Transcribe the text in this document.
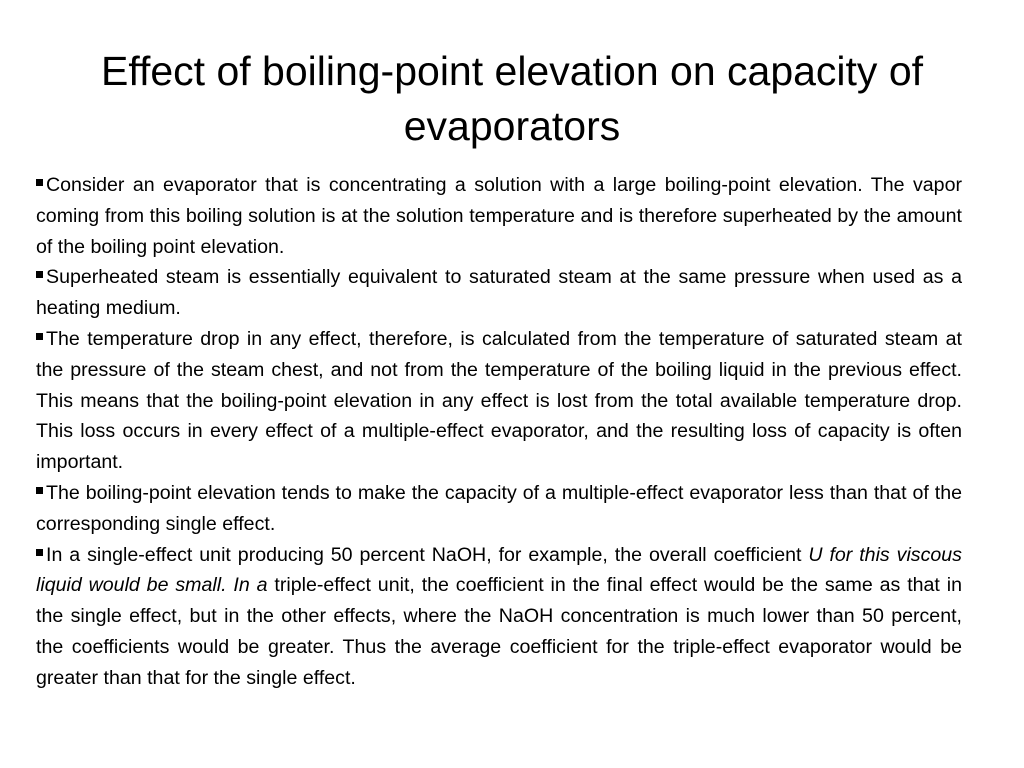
Effect of boiling-point elevation on capacity of evaporators

Consider an evaporator that is concentrating a solution with a large boiling-point elevation. The vapor coming from this boiling solution is at the solution temperature and is therefore superheated by the amount of the boiling point elevation.

Superheated steam is essentially equivalent to saturated steam at the same pressure when used as a heating medium.

The temperature drop in any effect, therefore, is calculated from the temperature of saturated steam at the pressure of the steam chest, and not from the temperature of the boiling liquid in the previous effect. This means that the boiling-point elevation in any effect is lost from the total available temperature drop. This loss occurs in every effect of a multiple-effect evaporator, and the resulting loss of capacity is often important.

The boiling-point elevation tends to make the capacity of a multiple-effect evaporator less than that of the corresponding single effect.

In a single-effect unit producing 50 percent NaOH, for example, the overall coefficient U for this viscous liquid would be small. In a triple-effect unit, the coefficient in the final effect would be the same as that in the single effect, but in the other effects, where the NaOH concentration is much lower than 50 percent, the coefficients would be greater. Thus the average coefficient for the triple-effect evaporator would be greater than that for the single effect.
